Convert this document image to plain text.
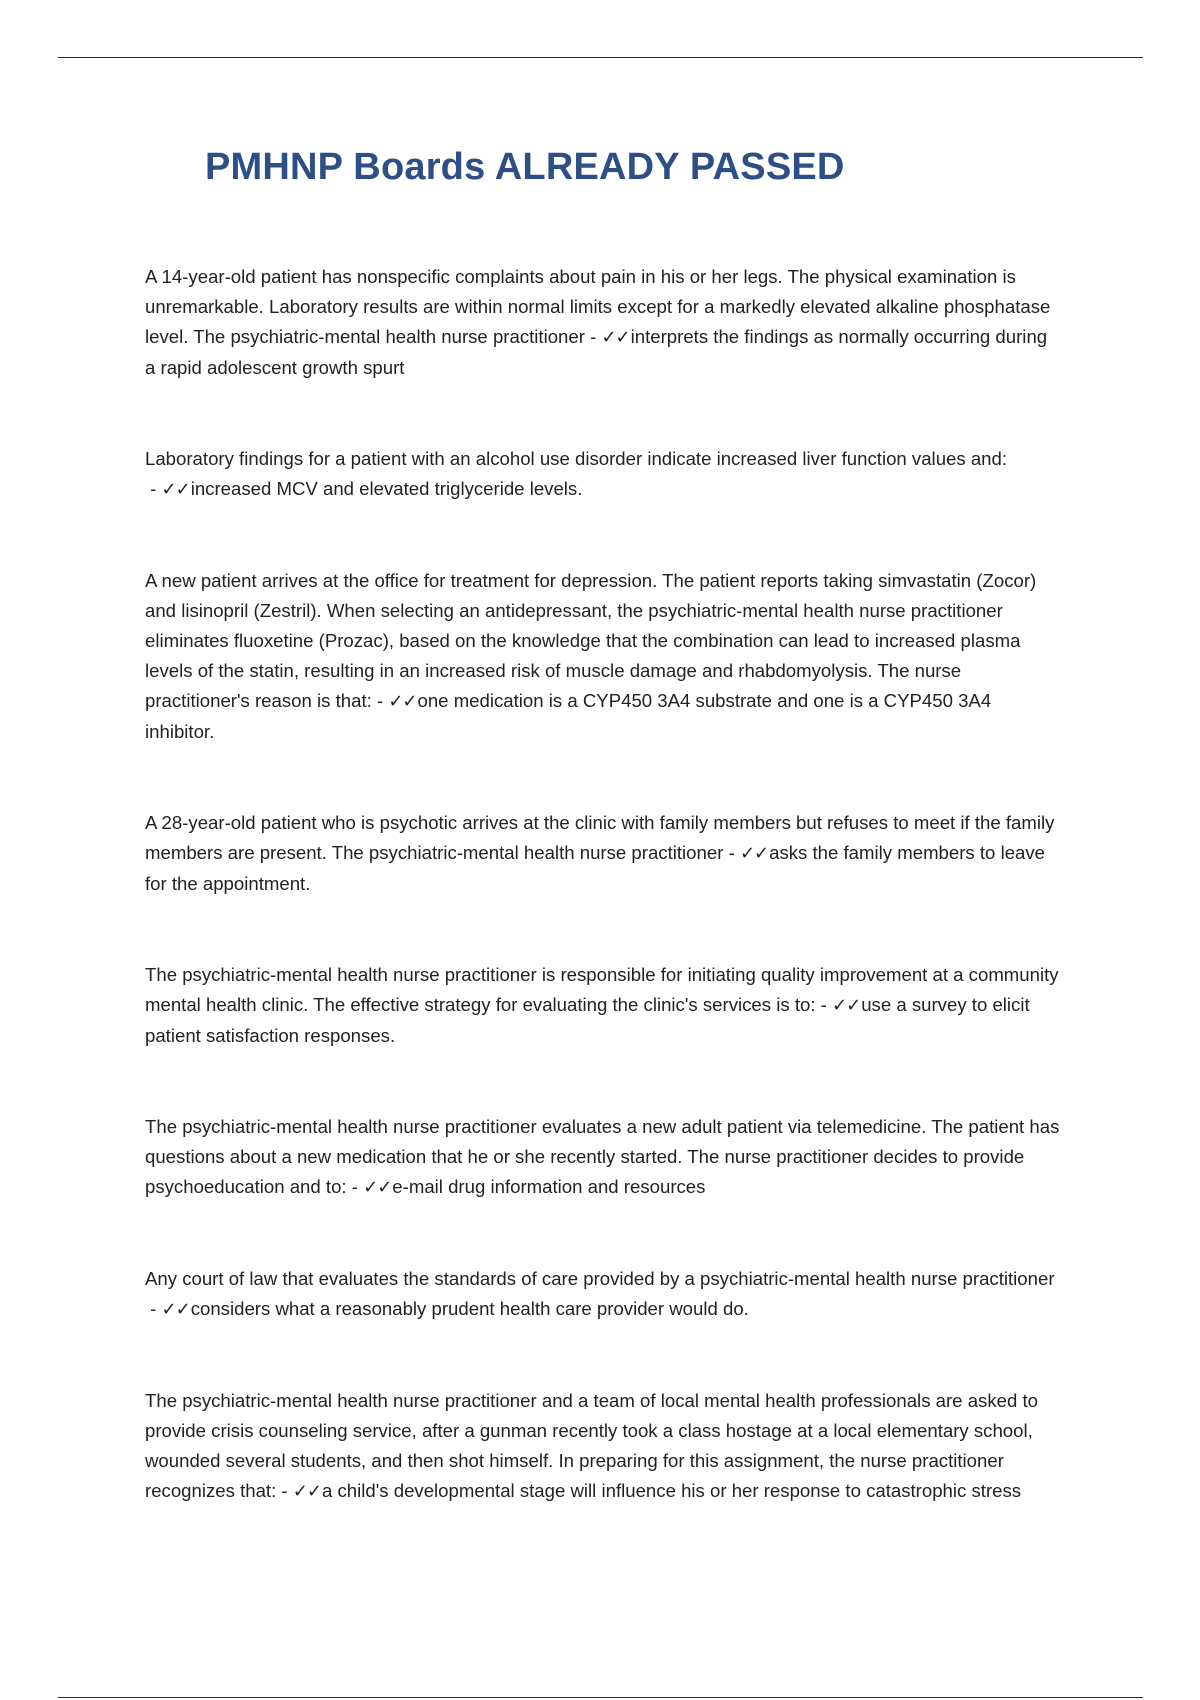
PMHNP Boards ALREADY PASSED

A 14-year-old patient has nonspecific complaints about pain in his or her legs. The physical examination is unremarkable. Laboratory results are within normal limits except for a markedly elevated alkaline phosphatase level. The psychiatric-mental health nurse practitioner - ✓✓interprets the findings as normally occurring during a rapid adolescent growth spurt

Laboratory findings for a patient with an alcohol use disorder indicate increased liver function values and: - ✓✓increased MCV and elevated triglyceride levels.

A new patient arrives at the office for treatment for depression. The patient reports taking simvastatin (Zocor) and lisinopril (Zestril). When selecting an antidepressant, the psychiatric-mental health nurse practitioner eliminates fluoxetine (Prozac), based on the knowledge that the combination can lead to increased plasma levels of the statin, resulting in an increased risk of muscle damage and rhabdomyolysis. The nurse practitioner's reason is that: - ✓✓one medication is a CYP450 3A4 substrate and one is a CYP450 3A4 inhibitor.

A 28-year-old patient who is psychotic arrives at the clinic with family members but refuses to meet if the family members are present. The psychiatric-mental health nurse practitioner - ✓✓asks the family members to leave for the appointment.

The psychiatric-mental health nurse practitioner is responsible for initiating quality improvement at a community mental health clinic. The effective strategy for evaluating the clinic's services is to: - ✓✓use a survey to elicit patient satisfaction responses.

The psychiatric-mental health nurse practitioner evaluates a new adult patient via telemedicine. The patient has questions about a new medication that he or she recently started. The nurse practitioner decides to provide psychoeducation and to: - ✓✓e-mail drug information and resources

Any court of law that evaluates the standards of care provided by a psychiatric-mental health nurse practitioner - ✓✓considers what a reasonably prudent health care provider would do.

The psychiatric-mental health nurse practitioner and a team of local mental health professionals are asked to provide crisis counseling service, after a gunman recently took a class hostage at a local elementary school, wounded several students, and then shot himself. In preparing for this assignment, the nurse practitioner recognizes that: - ✓✓a child's developmental stage will influence his or her response to catastrophic stress
